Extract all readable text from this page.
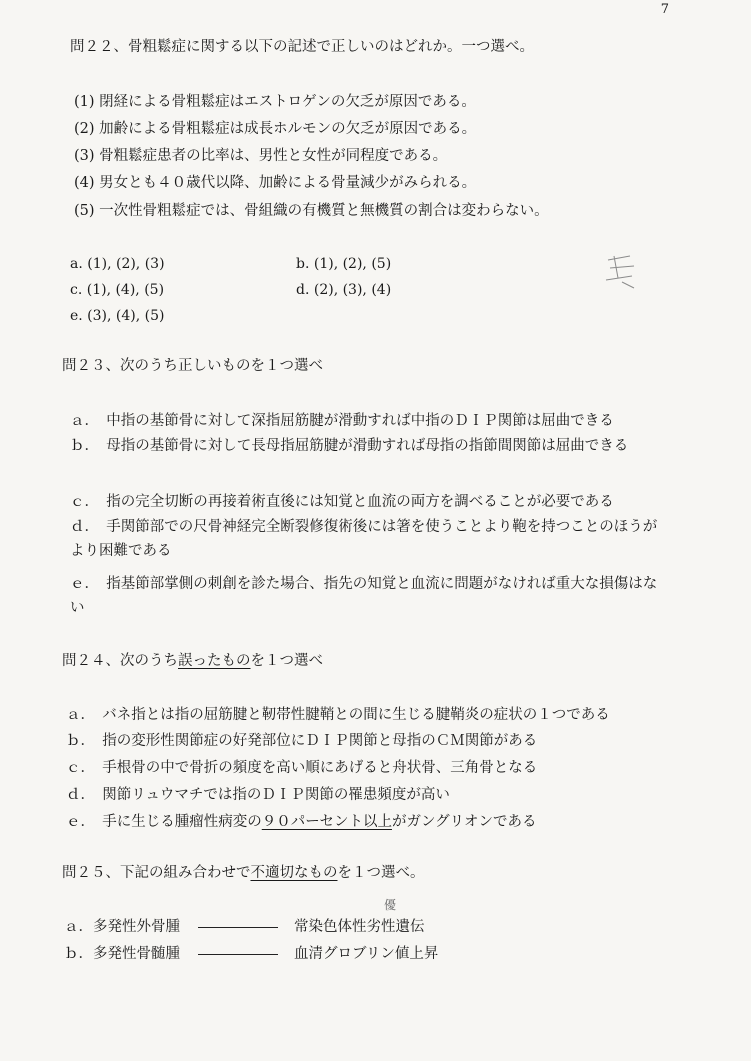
7
問２２、骨粗鬆症に関する以下の記述で正しいのはどれか。一つ選べ。
(1) 閉経による骨粗鬆症はエストロゲンの欠乏が原因である。
(2) 加齢による骨粗鬆症は成長ホルモンの欠乏が原因である。
(3) 骨粗鬆症患者の比率は、男性と女性が同程度である。
(4) 男女とも４０歳代以降、加齢による骨量減少がみられる。
(5) 一次性骨粗鬆症では、骨組織の有機質と無機質の割合は変わらない。
a. (1), (2), (3)	b. (1), (2), (5)
c. (1), (4), (5)	d. (2), (3), (4)
e. (3), (4), (5)
問２３、次のうち正しいものを１つ選べ
ａ．　中指の基節骨に対して深指屈筋腱が滑動すれば中指のＤＩＰ関節は屈曲できる
ｂ．　母指の基節骨に対して長母指屈筋腱が滑動すれば母指の指節間関節は屈曲できる
ｃ．　指の完全切断の再接着術直後には知覚と血流の両方を調べることが必要である
ｄ．　手関節部での尺骨神経完全断裂修復術後には箸を使うことより鞄を持つことのほうがより困難である
ｅ．　指基節部掌側の刺創を診た場合、指先の知覚と血流に問題がなければ重大な損傷はない
問２４、次のうち誤ったものを１つ選べ
ａ．　バネ指とは指の屈筋腱と靭帯性腱鞘との間に生じる腱鞘炎の症状の１つである
ｂ．　指の変形性関節症の好発部位にＤＩＰ関節と母指のＣＭ関節がある
ｃ．　手根骨の中で骨折の頻度を高い順にあげると舟状骨、三角骨となる
ｄ．　関節リュウマチでは指のＤＩＰ関節の罹患頻度が高い
ｅ．　手に生じる腫瘤性病変の９０パーセント以上がガングリオンである
問２５、下記の組み合わせで不適切なものを１つ選べ。
優
ａ．多発性外骨腫	常染色体性劣性遺伝
ｂ．多発性骨髄腫	血清グロブリン値上昇
